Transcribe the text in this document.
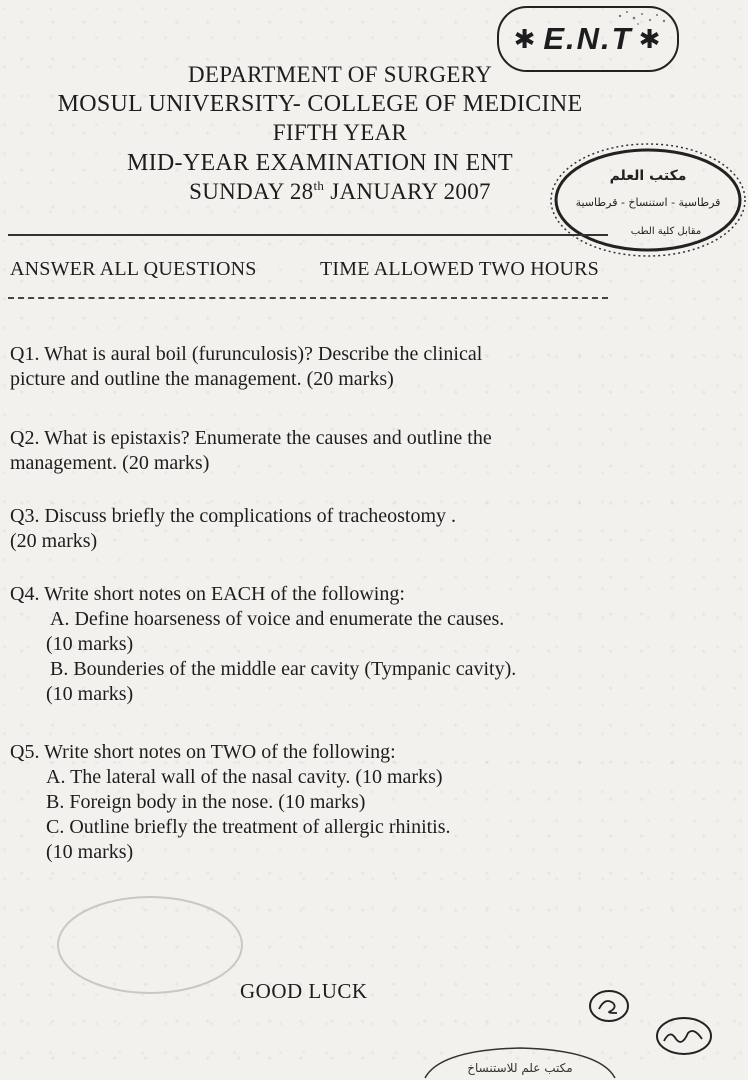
✱ E.N.T ✱
DEPARTMENT OF SURGERY
MOSUL UNIVERSITY- COLLEGE OF MEDICINE
FIFTH YEAR
MID-YEAR EXAMINATION IN ENT
SUNDAY 28th JANUARY 2007
مكتب العلم
قرطاسية - استنساخ - قرطاسية
مقابل كلية الطب
ANSWER ALL QUESTIONS	TIME ALLOWED TWO HOURS

Q1. What is aural boil (furunculosis)? Describe the clinical

picture and outline the management. (20 marks)

Q2. What is epistaxis? Enumerate the causes and outline the

management. (20 marks)

Q3. Discuss briefly the complications of tracheostomy .

(20 marks)

Q4. Write short notes on EACH of the following:

A. Define hoarseness of voice and enumerate the causes.

(10 marks)

B. Bounderies of the middle ear cavity (Tympanic cavity).

(10 marks)

Q5. Write short notes on TWO of the following:

A. The lateral wall of the nasal cavity. (10 marks)

B. Foreign body in the nose. (10 marks)

C. Outline briefly the treatment of allergic rhinitis.

(10 marks)

GOOD LUCK
مكتب علم للاستنساخ
